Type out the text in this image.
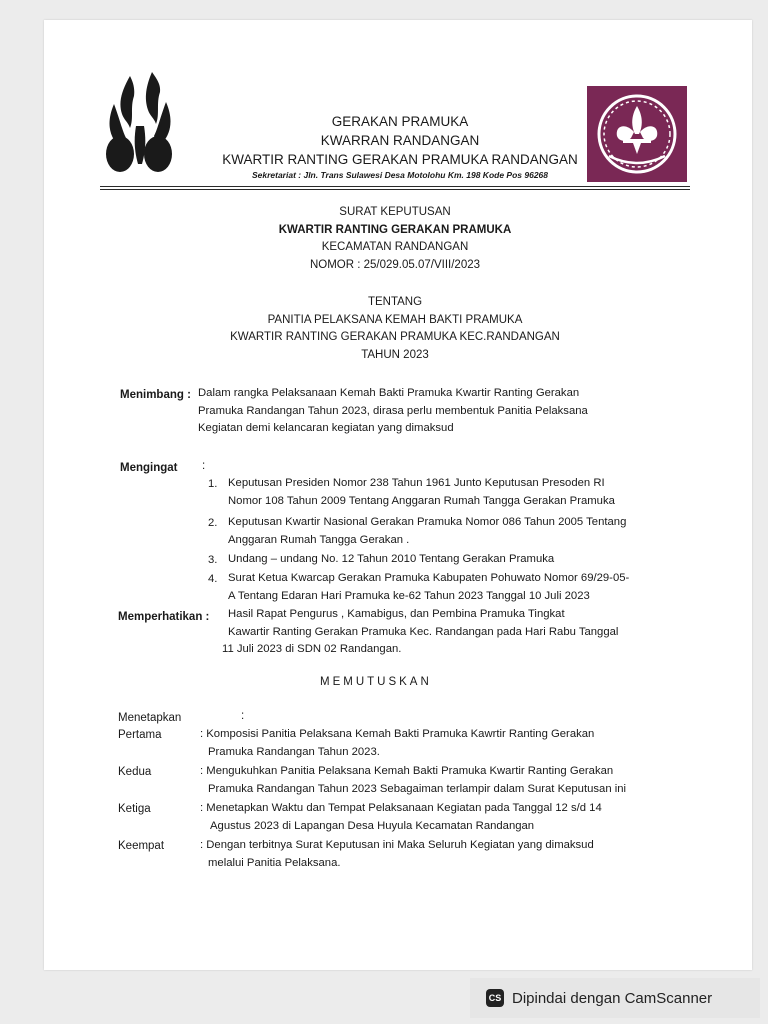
GERAKAN PRAMUKA
KWARRAN RANDANGAN
KWARTIR RANTING GERAKAN PRAMUKA RANDANGAN
Sekretariat : Jln. Trans Sulawesi Desa Motolohu Km. 198 Kode Pos 96268
SURAT KEPUTUSAN
KWARTIR RANTING GERAKAN PRAMUKA
KECAMATAN RANDANGAN
NOMOR : 25/029.05.07/VIII/2023
TENTANG
PANITIA PELAKSANA KEMAH BAKTI PRAMUKA
KWARTIR RANTING GERAKAN PRAMUKA KEC.RANDANGAN
TAHUN 2023
Menimbang : Dalam rangka Pelaksanaan Kemah Bakti Pramuka Kwartir Ranting Gerakan
Pramuka Randangan Tahun 2023, dirasa perlu membentuk Panitia Pelaksana
Kegiatan demi kelancaran kegiatan yang dimaksud
Mengingat :
1. Keputusan Presiden Nomor 238 Tahun 1961 Junto Keputusan Presoden RI
Nomor 108 Tahun 2009 Tentang Anggaran Rumah Tangga Gerakan Pramuka
2. Keputusan Kwartir Nasional Gerakan Pramuka Nomor 086 Tahun 2005 Tentang
Anggaran Rumah Tangga Gerakan .
3. Undang – undang No. 12 Tahun 2010 Tentang Gerakan Pramuka
4. Surat Ketua Kwarcap Gerakan Pramuka Kabupaten Pohuwato Nomor 69/29-05-
A Tentang Edaran Hari Pramuka ke-62 Tahun 2023 Tanggal 10 Juli 2023
Memperhatikan : Hasil Rapat Pengurus , Kamabigus, dan Pembina Pramuka Tingkat
Kawartir Ranting Gerakan Pramuka Kec. Randangan pada Hari Rabu Tanggal
11 Juli 2023 di SDN 02 Randangan.
MEMUTUSKAN
Menetapkan	:
Pertama	: Komposisi Panitia Pelaksana Kemah Bakti Pramuka Kawrtir Ranting Gerakan
Pramuka Randangan Tahun 2023.
Kedua	: Mengukuhkan Panitia Pelaksana Kemah Bakti Pramuka Kwartir Ranting Gerakan
Pramuka Randangan Tahun 2023 Sebagaiman terlampir dalam Surat Keputusan ini
Ketiga	: Menetapkan Waktu dan Tempat Pelaksanaan Kegiatan pada Tanggal 12 s/d 14
Agustus 2023 di Lapangan Desa Huyula Kecamatan Randangan
Keempat	: Dengan terbitnya Surat Keputusan ini Maka Seluruh Kegiatan yang dimaksud
melalui Panitia Pelaksana.
CS Dipindai dengan CamScanner
